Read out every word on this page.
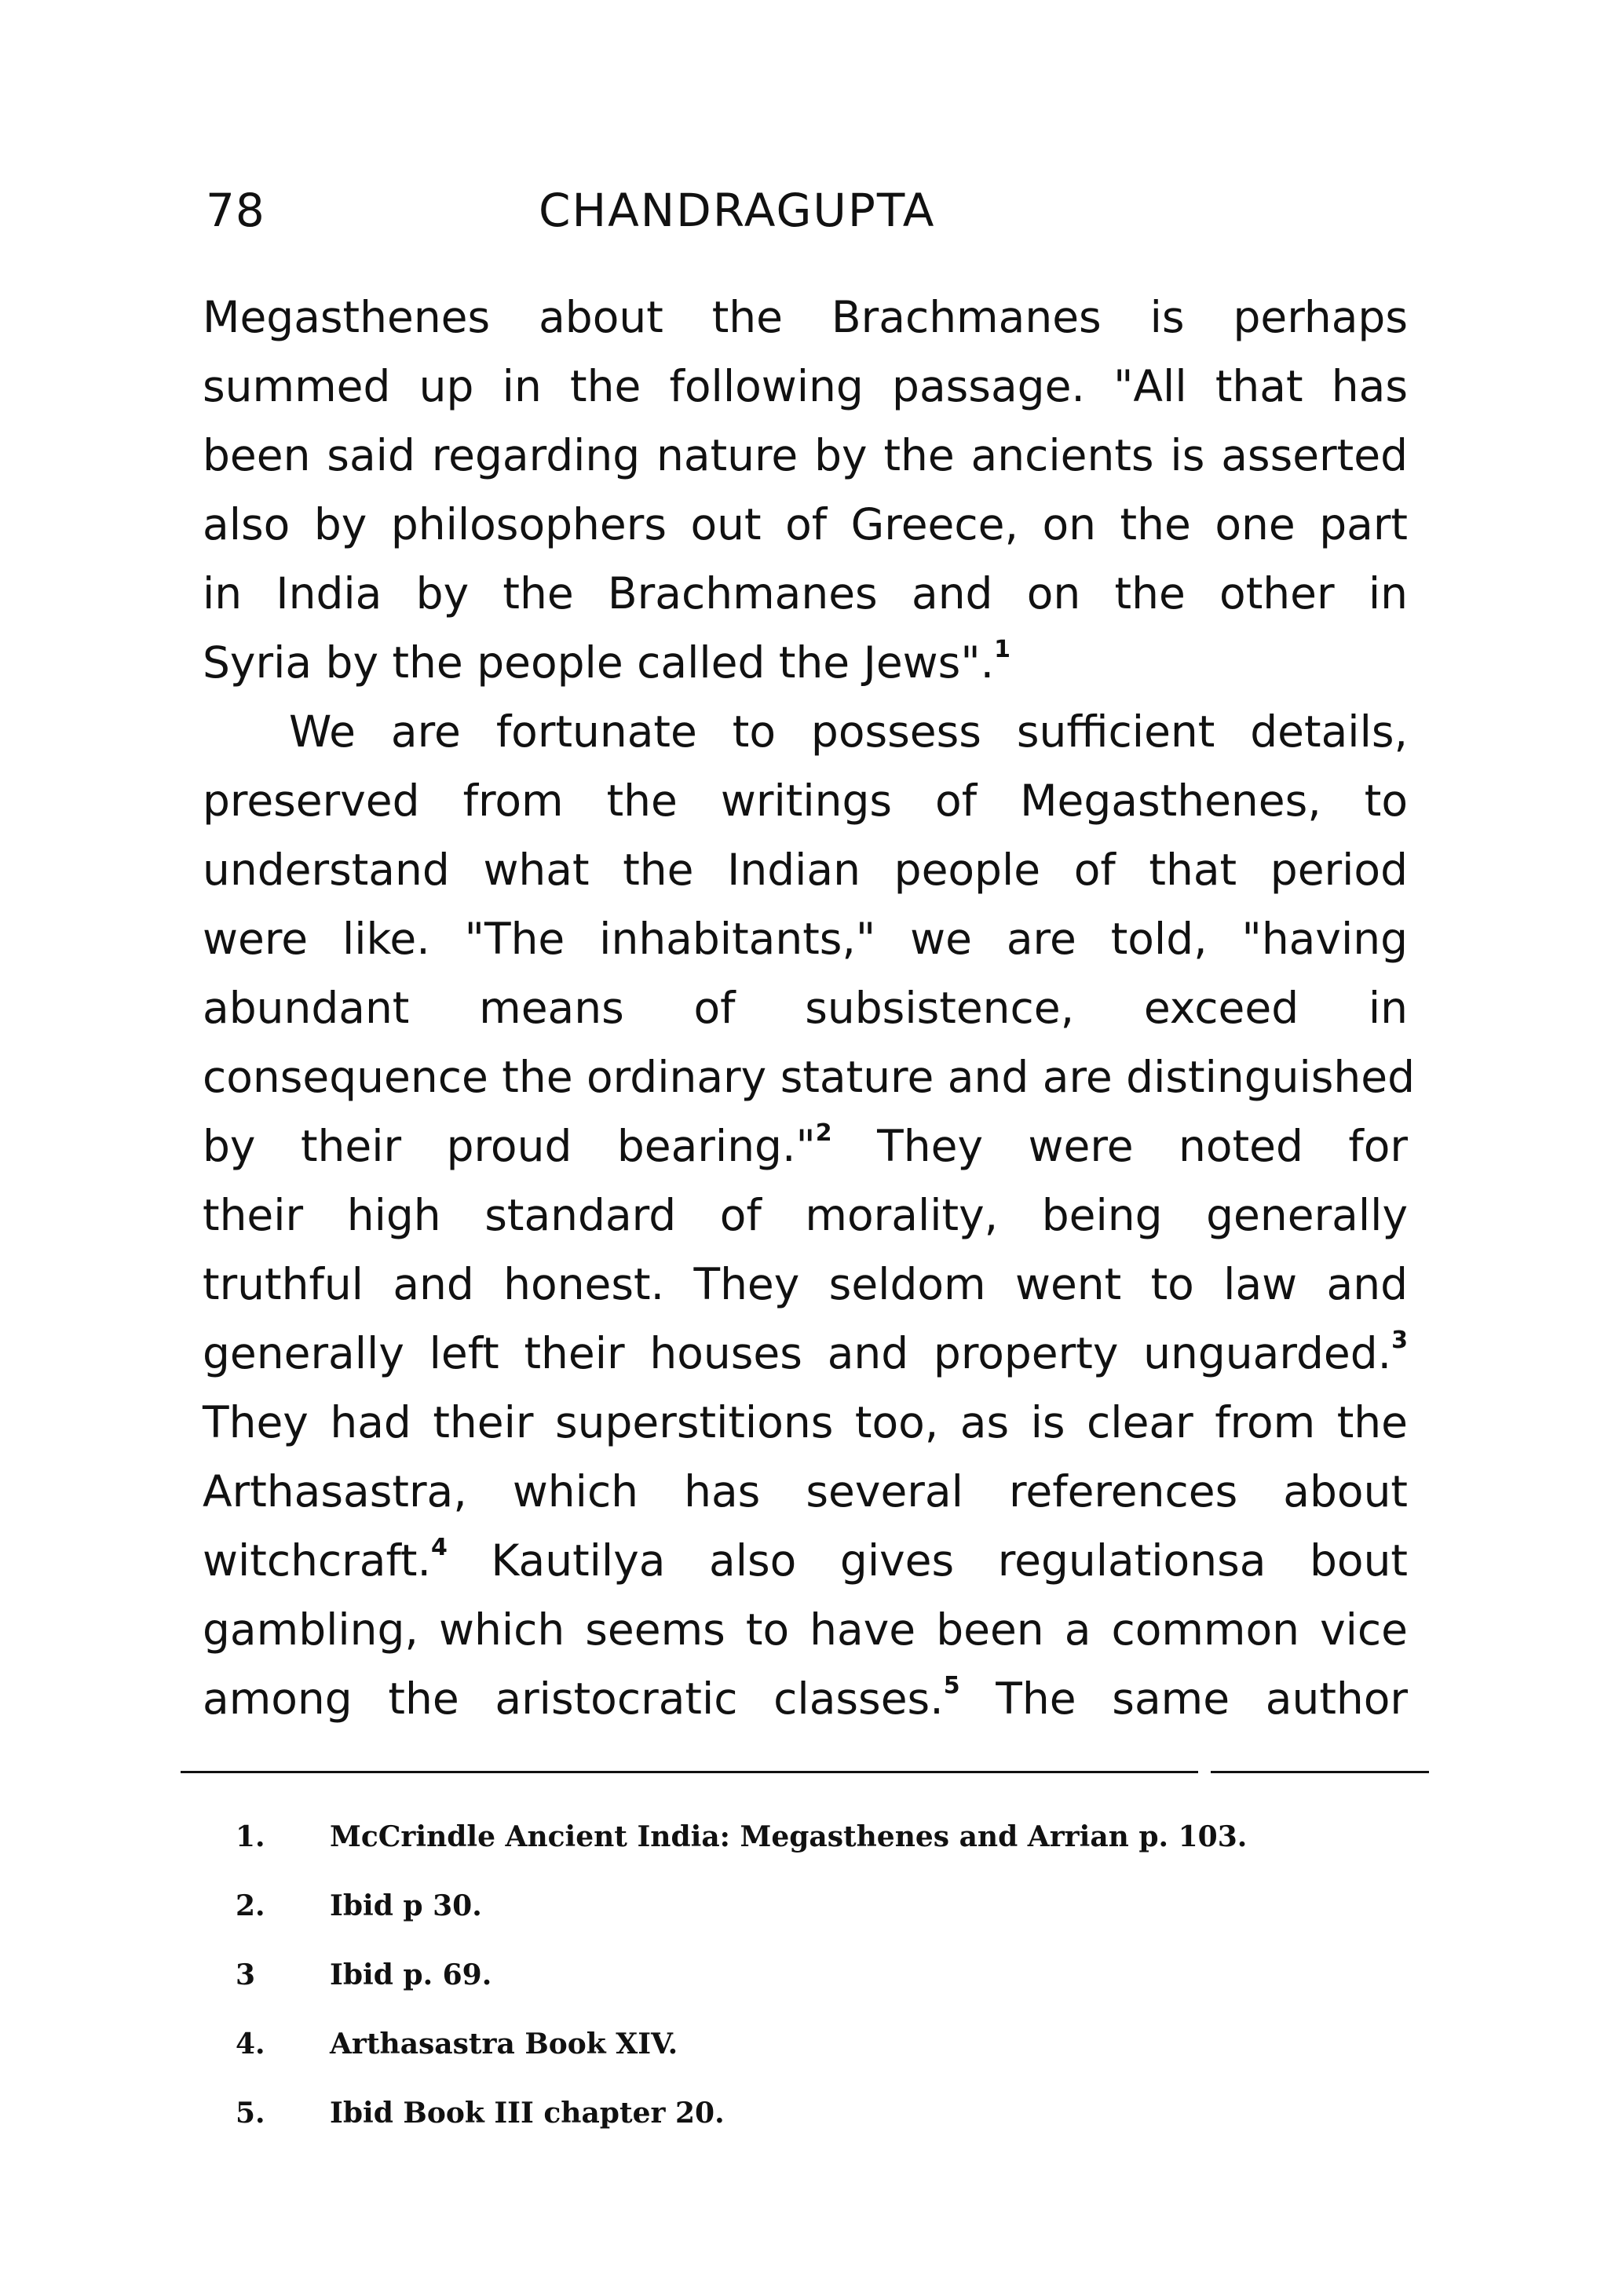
78	CHANDRAGUPTA
Megasthenes about the Brachmanes is perhaps
summed up in the following passage. "All that has
been said regarding nature by the ancients is asserted
also by philosophers out of Greece, on the one part
in India by the Brachmanes and on the other in
Syria by the people called the Jews".$^1$
We are fortunate to possess sufficient details,
preserved from the writings of Megasthenes, to
understand what the Indian people of that period
were like. "The inhabitants," we are told, "having
abundant means of subsistence, exceed in
consequence the ordinary stature and are distinguished
by their proud bearing."$^2$ They were noted for
their high standard of morality, being generally
truthful and honest. They seldom went to law and
generally left their houses and property unguarded.$^3$
They had their superstitions too, as is clear from the
Arthasastra, which has several references about
witchcraft.$^4$ Kautilya also gives regulationsa bout
gambling, which seems to have been a common vice
among the aristocratic classes.$^5$ The same author
1. McCrindle Ancient India: Megasthenes and Arrian p. 103.
2. Ibid p 30.
3	Ibid p. 69.
4. Arthasastra Book XIV.
5. Ibid Book III chapter 20.
